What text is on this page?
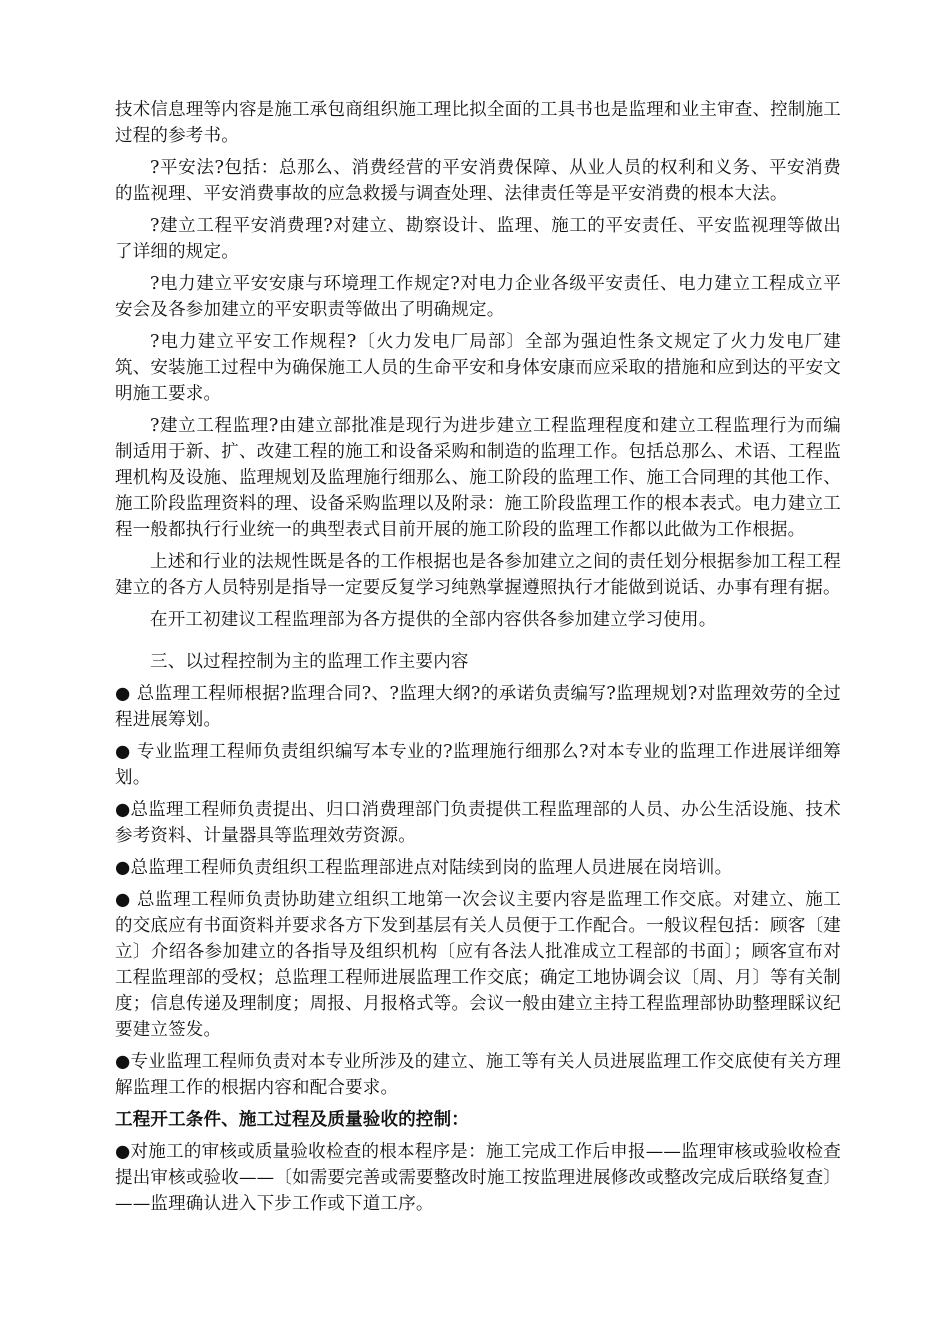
技术信息理等内容是施工承包商组织施工理比拟全面的工具书也是监理和业主审查、控制施工过程的参考书。

?平安法?包括：总那么、消费经营的平安消费保障、从业人员的权利和义务、平安消费的监视理、平安消费事故的应急救援与调查处理、法律责任等是平安消费的根本大法。

?建立工程平安消费理?对建立、勘察设计、监理、施工的平安责任、平安监视理等做出了详细的规定。

?电力建立平安安康与环境理工作规定?对电力企业各级平安责任、电力建立工程成立平安会及各参加建立的平安职责等做出了明确规定。

?电力建立平安工作规程?〔火力发电厂局部〕全部为强迫性条文规定了火力发电厂建筑、安装施工过程中为确保施工人员的生命平安和身体安康而应采取的措施和应到达的平安文明施工要求。

?建立工程监理?由建立部批准是现行为进步建立工程监理程度和建立工程监理行为而编制适用于新、扩、改建工程的施工和设备采购和制造的监理工作。包括总那么、术语、工程监理机构及设施、监理规划及监理施行细那么、施工阶段的监理工作、施工合同理的其他工作、施工阶段监理资料的理、设备采购监理以及附录：施工阶段监理工作的根本表式。电力建立工程一般都执行行业统一的典型表式目前开展的施工阶段的监理工作都以此做为工作根据。

上述和行业的法规性既是各的工作根据也是各参加建立之间的责任划分根据参加工程工程建立的各方人员特别是指导一定要反复学习纯熟掌握遵照执行才能做到说话、办事有理有据。

在开工初建议工程监理部为各方提供的全部内容供各参加建立学习使用。

三、以过程控制为主的监理工作主要内容

● 总监理工程师根据?监理合同?、?监理大纲?的承诺负责编写?监理规划?对监理效劳的全过程进展筹划。

● 专业监理工程师负责组织编写本专业的?监理施行细那么?对本专业的监理工作进展详细筹划。

●总监理工程师负责提出、归口消费理部门负责提供工程监理部的人员、办公生活设施、技术参考资料、计量器具等监理效劳资源。

●总监理工程师负责组织工程监理部进点对陆续到岗的监理人员进展在岗培训。

● 总监理工程师负责协助建立组织工地第一次会议主要内容是监理工作交底。对建立、施工的交底应有书面资料并要求各方下发到基层有关人员便于工作配合。一般议程包括：顾客〔建立〕介绍各参加建立的各指导及组织机构〔应有各法人批准成立工程部的书面〕；顾客宣布对工程监理部的受权；总监理工程师进展监理工作交底；确定工地协调会议〔周、月〕等有关制度；信息传递及理制度；周报、月报格式等。会议一般由建立主持工程监理部协助整理睬议纪要建立签发。

●专业监理工程师负责对本专业所涉及的建立、施工等有关人员进展监理工作交底使有关方理解监理工作的根据内容和配合要求。

工程开工条件、施工过程及质量验收的控制：

●对施工的审核或质量验收检查的根本程序是：施工完成工作后申报——监理审核或验收检查提出审核或验收——〔如需要完善或需要整改时施工按监理进展修改或整改完成后联络复查〕——监理确认进入下步工作或下道工序。
